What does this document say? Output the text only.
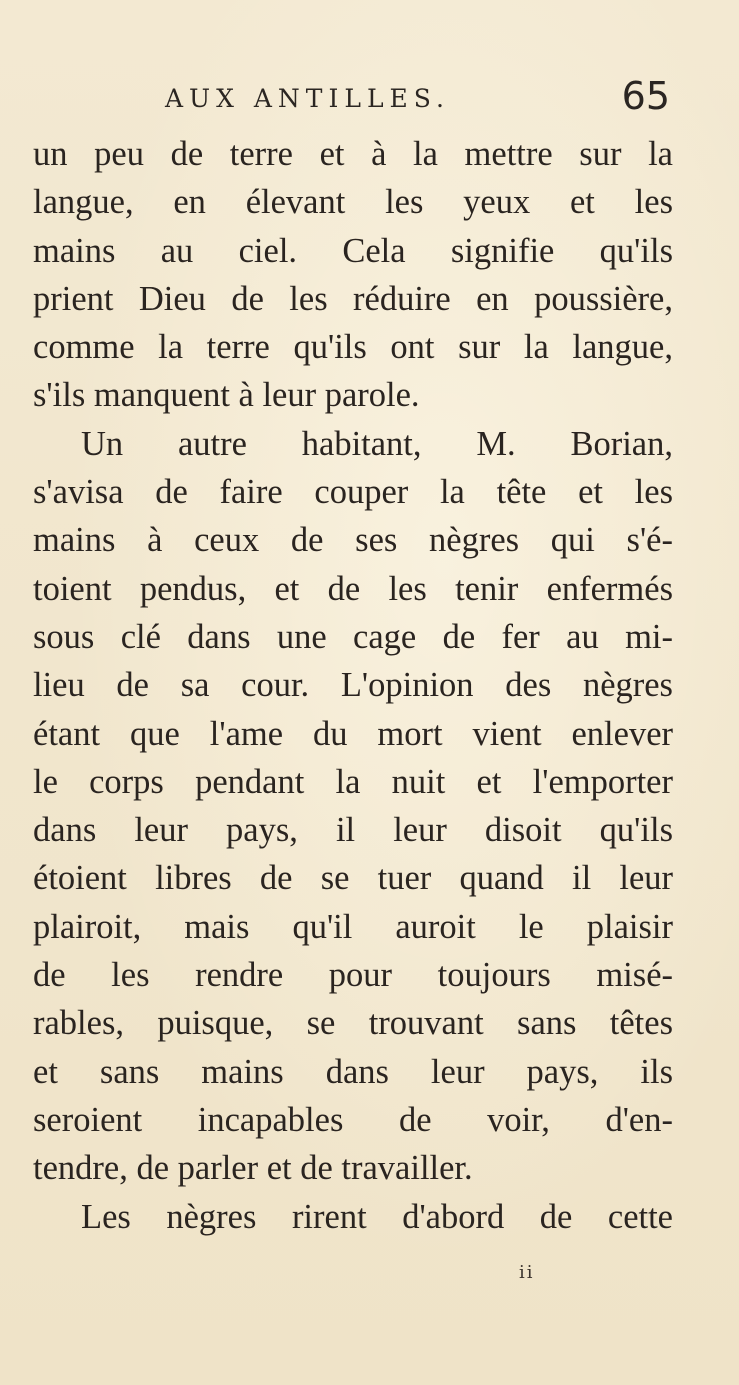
AUX ANTILLES.	65
un peu de terre et à la mettre sur la
langue, en élevant les yeux et les
mains au ciel. Cela signifie qu'ils
prient Dieu de les réduire en poussière,
comme la terre qu'ils ont sur la langue,
s'ils manquent à leur parole.
Un autre habitant, M. Borian,
s'avisa de faire couper la tête et les
mains à ceux de ses nègres qui s'é-
toient pendus, et de les tenir enfermés
sous clé dans une cage de fer au mi-
lieu de sa cour. L'opinion des nègres
étant que l'ame du mort vient enlever
le corps pendant la nuit et l'emporter
dans leur pays, il leur disoit qu'ils
étoient libres de se tuer quand il leur
plairoit, mais qu'il auroit le plaisir
de les rendre pour toujours misé-
rables, puisque, se trouvant sans têtes
et sans mains dans leur pays, ils
seroient incapables de voir, d'en-
tendre, de parler et de travailler.
Les nègres rirent d'abord de cette
ii
